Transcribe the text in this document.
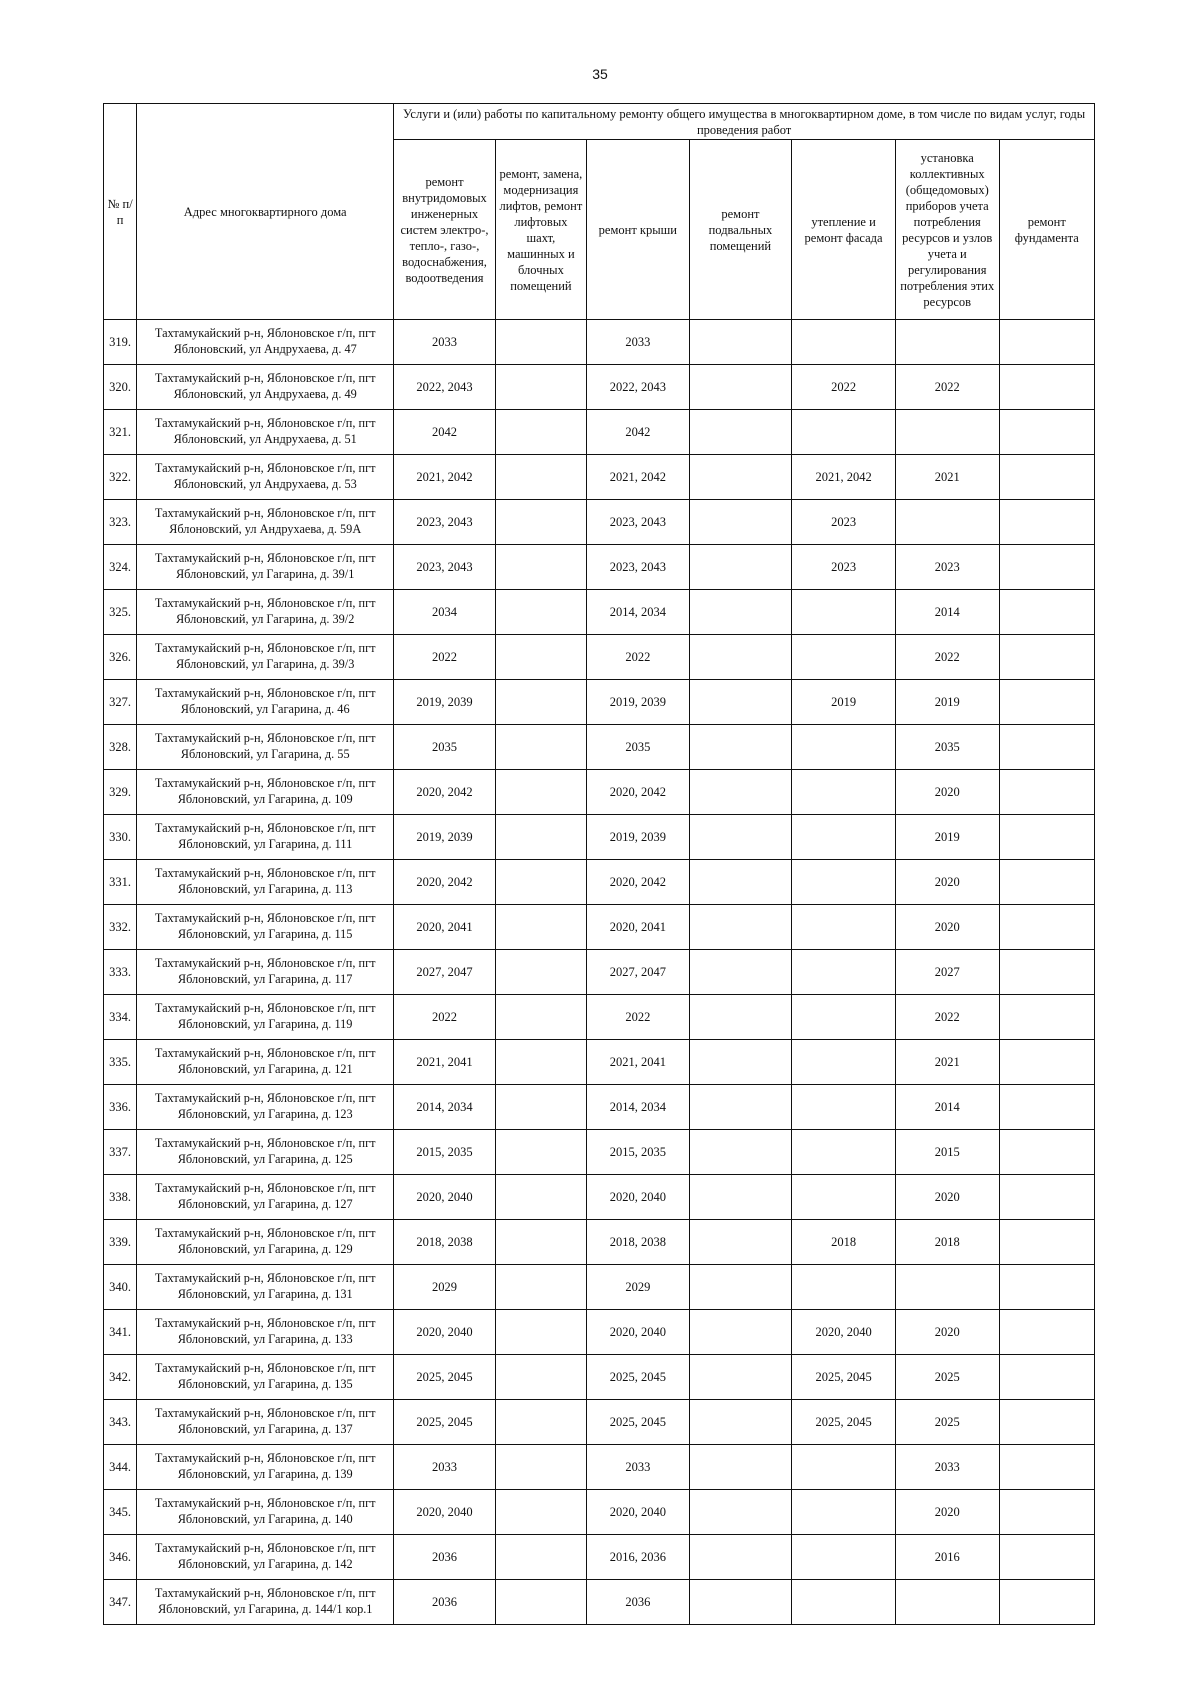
35
№ п/п	Адрес многоквартирного дома	Услуги и (или) работы по капитальному ремонту общего имущества в многоквартирном доме, в том числе по видам услуг, годы проведения работ						
		ремонт внутридомовых инженерных систем электро-, тепло-, газо-, водоснабжения, водоотведения	ремонт, замена, модернизация лифтов, ремонт лифтовых шахт, машинных и блочных помещений	ремонт крыши	ремонт подвальных помещений	утепление и ремонт фасада	установка коллективных (общедомовых) приборов учета потребления ресурсов и узлов учета и регулирования потребления этих ресурсов	ремонт фундамента
319.	Тахтамукайский р-н, Яблоновское г/п, пгт
Яблоновский, ул Андрухаева, д. 47	2033		2033				
320.	Тахтамукайский р-н, Яблоновское г/п, пгт
Яблоновский, ул Андрухаева, д. 49	2022, 2043		2022, 2043		2022	2022	
321.	Тахтамукайский р-н, Яблоновское г/п, пгт
Яблоновский, ул Андрухаева, д. 51	2042		2042				
322.	Тахтамукайский р-н, Яблоновское г/п, пгт
Яблоновский, ул Андрухаева, д. 53	2021, 2042		2021, 2042		2021, 2042	2021	
323.	Тахтамукайский р-н, Яблоновское г/п, пгт
Яблоновский, ул Андрухаева, д. 59А	2023, 2043		2023, 2043		2023		
324.	Тахтамукайский р-н, Яблоновское г/п, пгт
Яблоновский, ул Гагарина, д. 39/1	2023, 2043		2023, 2043		2023	2023	
325.	Тахтамукайский р-н, Яблоновское г/п, пгт
Яблоновский, ул Гагарина, д. 39/2	2034		2014, 2034			2014	
326.	Тахтамукайский р-н, Яблоновское г/п, пгт
Яблоновский, ул Гагарина, д. 39/3	2022		2022			2022	
327.	Тахтамукайский р-н, Яблоновское г/п, пгт
Яблоновский, ул Гагарина, д. 46	2019, 2039		2019, 2039		2019	2019	
328.	Тахтамукайский р-н, Яблоновское г/п, пгт
Яблоновский, ул Гагарина, д. 55	2035		2035			2035	
329.	Тахтамукайский р-н, Яблоновское г/п, пгт
Яблоновский, ул Гагарина, д. 109	2020, 2042		2020, 2042			2020	
330.	Тахтамукайский р-н, Яблоновское г/п, пгт
Яблоновский, ул Гагарина, д. 111	2019, 2039		2019, 2039			2019	
331.	Тахтамукайский р-н, Яблоновское г/п, пгт
Яблоновский, ул Гагарина, д. 113	2020, 2042		2020, 2042			2020	
332.	Тахтамукайский р-н, Яблоновское г/п, пгт
Яблоновский, ул Гагарина, д. 115	2020, 2041		2020, 2041			2020	
333.	Тахтамукайский р-н, Яблоновское г/п, пгт
Яблоновский, ул Гагарина, д. 117	2027, 2047		2027, 2047			2027	
334.	Тахтамукайский р-н, Яблоновское г/п, пгт
Яблоновский, ул Гагарина, д. 119	2022		2022			2022	
335.	Тахтамукайский р-н, Яблоновское г/п, пгт
Яблоновский, ул Гагарина, д. 121	2021, 2041		2021, 2041			2021	
336.	Тахтамукайский р-н, Яблоновское г/п, пгт
Яблоновский, ул Гагарина, д. 123	2014, 2034		2014, 2034			2014	
337.	Тахтамукайский р-н, Яблоновское г/п, пгт
Яблоновский, ул Гагарина, д. 125	2015, 2035		2015, 2035			2015	
338.	Тахтамукайский р-н, Яблоновское г/п, пгт
Яблоновский, ул Гагарина, д. 127	2020, 2040		2020, 2040			2020	
339.	Тахтамукайский р-н, Яблоновское г/п, пгт
Яблоновский, ул Гагарина, д. 129	2018, 2038		2018, 2038		2018	2018	
340.	Тахтамукайский р-н, Яблоновское г/п, пгт
Яблоновский, ул Гагарина, д. 131	2029		2029				
341.	Тахтамукайский р-н, Яблоновское г/п, пгт
Яблоновский, ул Гагарина, д. 133	2020, 2040		2020, 2040		2020, 2040	2020	
342.	Тахтамукайский р-н, Яблоновское г/п, пгт
Яблоновский, ул Гагарина, д. 135	2025, 2045		2025, 2045		2025, 2045	2025	
343.	Тахтамукайский р-н, Яблоновское г/п, пгт
Яблоновский, ул Гагарина, д. 137	2025, 2045		2025, 2045		2025, 2045	2025	
344.	Тахтамукайский р-н, Яблоновское г/п, пгт
Яблоновский, ул Гагарина, д. 139	2033		2033			2033	
345.	Тахтамукайский р-н, Яблоновское г/п, пгт
Яблоновский, ул Гагарина, д. 140	2020, 2040		2020, 2040			2020	
346.	Тахтамукайский р-н, Яблоновское г/п, пгт
Яблоновский, ул Гагарина, д. 142	2036		2016, 2036			2016	
347.	Тахтамукайский р-н, Яблоновское г/п, пгт
Яблоновский, ул Гагарина, д. 144/1 кор.1	2036		2036				
